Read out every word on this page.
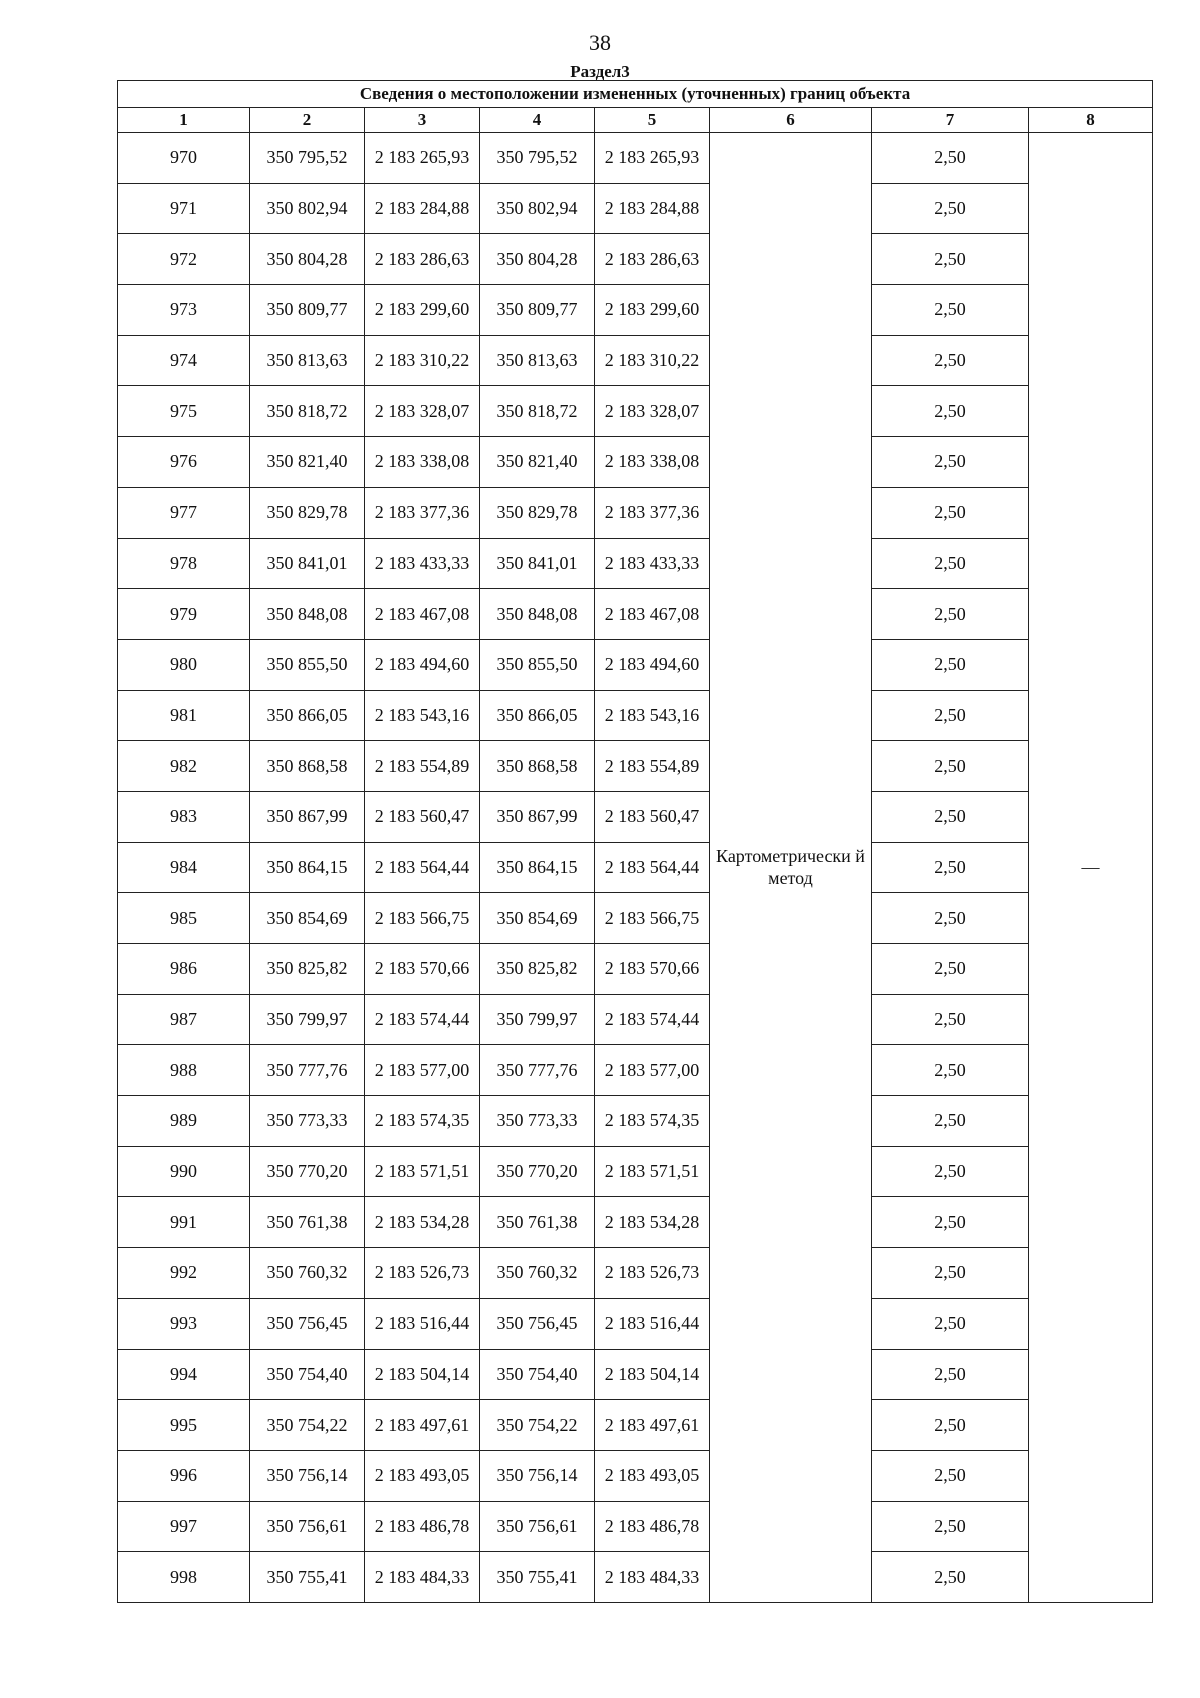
38
Раздел3
Сведения о местоположении измененных (уточненных) границ объекта							
1	2	3	4	5	6	7	8
970	350 795,52	2 183 265,93	350 795,52	2 183 265,93	Картометрически й метод	2,50	—
971	350 802,94	2 183 284,88	350 802,94	2 183 284,88		2,50	
972	350 804,28	2 183 286,63	350 804,28	2 183 286,63		2,50	
973	350 809,77	2 183 299,60	350 809,77	2 183 299,60		2,50	
974	350 813,63	2 183 310,22	350 813,63	2 183 310,22		2,50	
975	350 818,72	2 183 328,07	350 818,72	2 183 328,07		2,50	
976	350 821,40	2 183 338,08	350 821,40	2 183 338,08		2,50	
977	350 829,78	2 183 377,36	350 829,78	2 183 377,36		2,50	
978	350 841,01	2 183 433,33	350 841,01	2 183 433,33		2,50	
979	350 848,08	2 183 467,08	350 848,08	2 183 467,08		2,50	
980	350 855,50	2 183 494,60	350 855,50	2 183 494,60		2,50	
981	350 866,05	2 183 543,16	350 866,05	2 183 543,16		2,50	
982	350 868,58	2 183 554,89	350 868,58	2 183 554,89		2,50	
983	350 867,99	2 183 560,47	350 867,99	2 183 560,47		2,50	
984	350 864,15	2 183 564,44	350 864,15	2 183 564,44		2,50	
985	350 854,69	2 183 566,75	350 854,69	2 183 566,75		2,50	
986	350 825,82	2 183 570,66	350 825,82	2 183 570,66		2,50	
987	350 799,97	2 183 574,44	350 799,97	2 183 574,44		2,50	
988	350 777,76	2 183 577,00	350 777,76	2 183 577,00		2,50	
989	350 773,33	2 183 574,35	350 773,33	2 183 574,35		2,50	
990	350 770,20	2 183 571,51	350 770,20	2 183 571,51		2,50	
991	350 761,38	2 183 534,28	350 761,38	2 183 534,28		2,50	
992	350 760,32	2 183 526,73	350 760,32	2 183 526,73		2,50	
993	350 756,45	2 183 516,44	350 756,45	2 183 516,44		2,50	
994	350 754,40	2 183 504,14	350 754,40	2 183 504,14		2,50	
995	350 754,22	2 183 497,61	350 754,22	2 183 497,61		2,50	
996	350 756,14	2 183 493,05	350 756,14	2 183 493,05		2,50	
997	350 756,61	2 183 486,78	350 756,61	2 183 486,78		2,50	
998	350 755,41	2 183 484,33	350 755,41	2 183 484,33		2,50	
